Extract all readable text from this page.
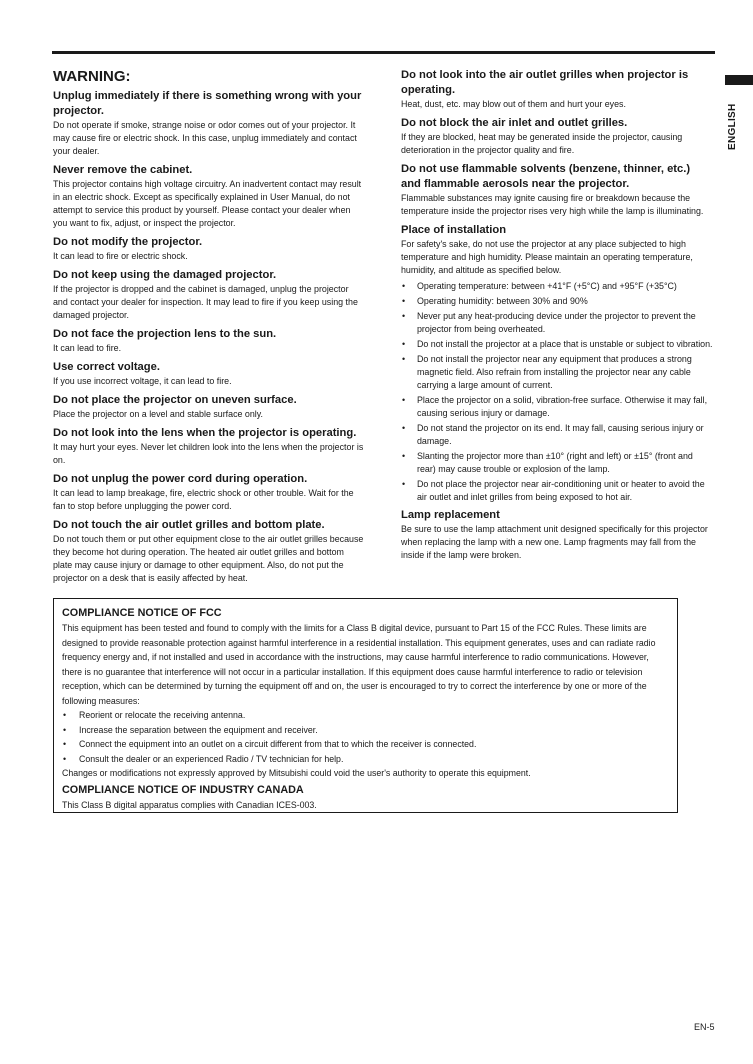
ENGLISH
WARNING:
Unplug immediately if there is something wrong with your projector.
Do not operate if smoke, strange noise or odor comes out of your projector. It may cause fire or electric shock. In this case, unplug immediately and contact your dealer.
Never remove the cabinet.
This projector contains high voltage circuitry. An inadvertent contact may result in an electric shock. Except as specifically explained in User Manual, do not attempt to service this product by yourself. Please contact your dealer when you want to fix, adjust, or inspect the projector.
Do not modify the projector.
It can lead to fire or electric shock.
Do not keep using the damaged projector.
If the projector is dropped and the cabinet is damaged, unplug the projector and contact your dealer for inspection. It may lead to fire if you keep using the damaged projector.
Do not face the projection lens to the sun.
It can lead to fire.
Use correct voltage.
If you use incorrect voltage, it can lead to fire.
Do not place the projector on uneven surface.
Place the projector on a level and stable surface only.
Do not look into the lens when the projector is operating.
It may hurt your eyes. Never let children look into the lens when the projector is on.
Do not unplug the power cord during operation.
It can lead to lamp breakage, fire, electric shock or other trouble. Wait for the fan to stop before unplugging the power cord.
Do not touch the air outlet grilles and bottom plate.
Do not touch them or put other equipment close to the air outlet grilles because they become hot during operation. The heated air outlet grilles and bottom plate may cause injury or damage to other equipment. Also, do not put the projector on a desk that is easily affected by heat.
Do not look into the air outlet grilles when projector is operating.
Heat, dust, etc. may blow out of them and hurt your eyes.
Do not block the air inlet and outlet grilles.
If they are blocked, heat may be generated inside the projector, causing deterioration in the projector quality and fire.
Do not use flammable solvents (benzene, thinner, etc.) and flammable aerosols near the projector.
Flammable substances may ignite causing fire or breakdown because the temperature inside the projector rises very high while the lamp is illuminating.
Place of installation
For safety's sake, do not use the projector at any place subjected to high temperature and high humidity. Please maintain an operating temperature, humidity, and altitude as specified below.
• Operating temperature: between +41°F (+5°C) and +95°F (+35°C)
• Operating humidity: between 30% and 90%
• Never put any heat-producing device under the projector to prevent the projector from being overheated.
• Do not install the projector at a place that is unstable or subject to vibration.
• Do not install the projector near any equipment that produces a strong magnetic field. Also refrain from installing the projector near any cable carrying a large amount of current.
• Place the projector on a solid, vibration-free surface. Otherwise it may fall, causing serious injury or damage.
• Do not stand the projector on its end. It may fall, causing serious injury or damage.
• Slanting the projector more than ±10° (right and left) or ±15° (front and rear) may cause trouble or explosion of the lamp.
• Do not place the projector near air-conditioning unit or heater to avoid the air outlet and inlet grilles from being exposed to hot air.
Lamp replacement
Be sure to use the lamp attachment unit designed specifically for this projector when replacing the lamp with a new one. Lamp fragments may fall from the inside if the lamp were broken.
COMPLIANCE NOTICE OF FCC
This equipment has been tested and found to comply with the limits for a Class B digital device, pursuant to Part 15 of the FCC Rules. These limits are designed to provide reasonable protection against harmful interference in a residential installation. This equipment generates, uses and can radiate radio frequency energy and, if not installed and used in accordance with the instructions, may cause harmful interference to radio communications. However, there is no guarantee that interference will not occur in a particular installation. If this equipment does cause harmful interference to radio or television reception, which can be determined by turning the equipment off and on, the user is encouraged to try to correct the interference by one or more of the following measures:
• Reorient or relocate the receiving antenna.
• Increase the separation between the equipment and receiver.
• Connect the equipment into an outlet on a circuit different from that to which the receiver is connected.
• Consult the dealer or an experienced Radio / TV technician for help.
Changes or modifications not expressly approved by Mitsubishi could void the user's authority to operate this equipment.
COMPLIANCE NOTICE OF INDUSTRY CANADA
This Class B digital apparatus complies with Canadian ICES-003.
EN-5
